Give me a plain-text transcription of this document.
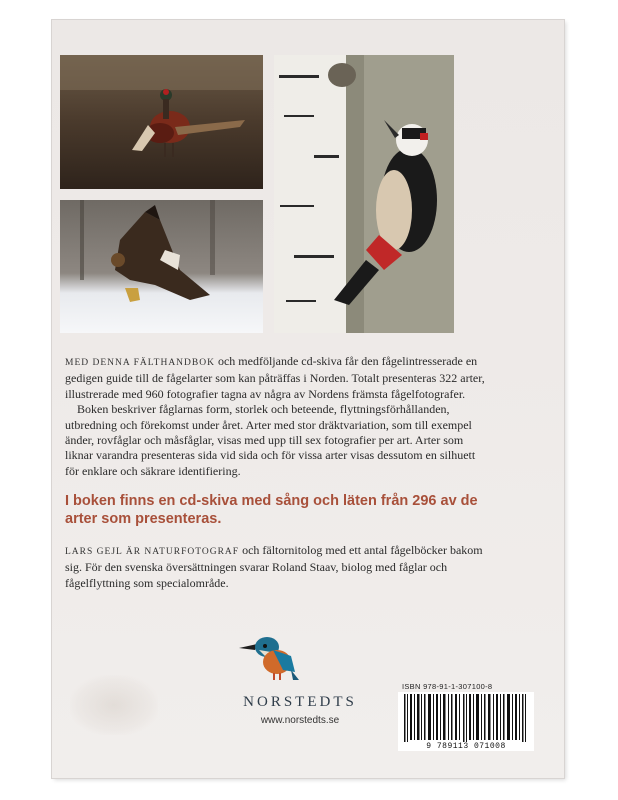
MED DENNA FÄLTHANDBOK och medföljande cd-skiva får den fågelintresserade en gedigen guide till de fågelarter som kan påträffas i Norden. Totalt presenteras 322 arter, illustrerade med 960 fotografier tagna av några av Nordens främsta fågelfotografer.

Boken beskriver fåglarnas form, storlek och beteende, flyttningsförhållanden, utbredning och förekomst under året. Arter med stor dräktvariation, som till exempel änder, rovfåglar och måsfåglar, visas med upp till sex fotografier per art. Arter som liknar varandra presenteras sida vid sida och för vissa arter visas dessutom en silhuett för enklare och säkrare identifiering.

I boken finns en cd-skiva med sång och läten från 296 av de arter som presenteras.
LARS GEJL ÄR NATURFOTOGRAF och fältornitolog med ett antal fågelböcker bakom sig. För den svenska översättningen svarar Roland Staav, biolog med fåglar och fågelflyttning som specialområde.
NORSTEDTS
www.norstedts.se
ISBN 978-91-1-307100-8
9 789113 071008
